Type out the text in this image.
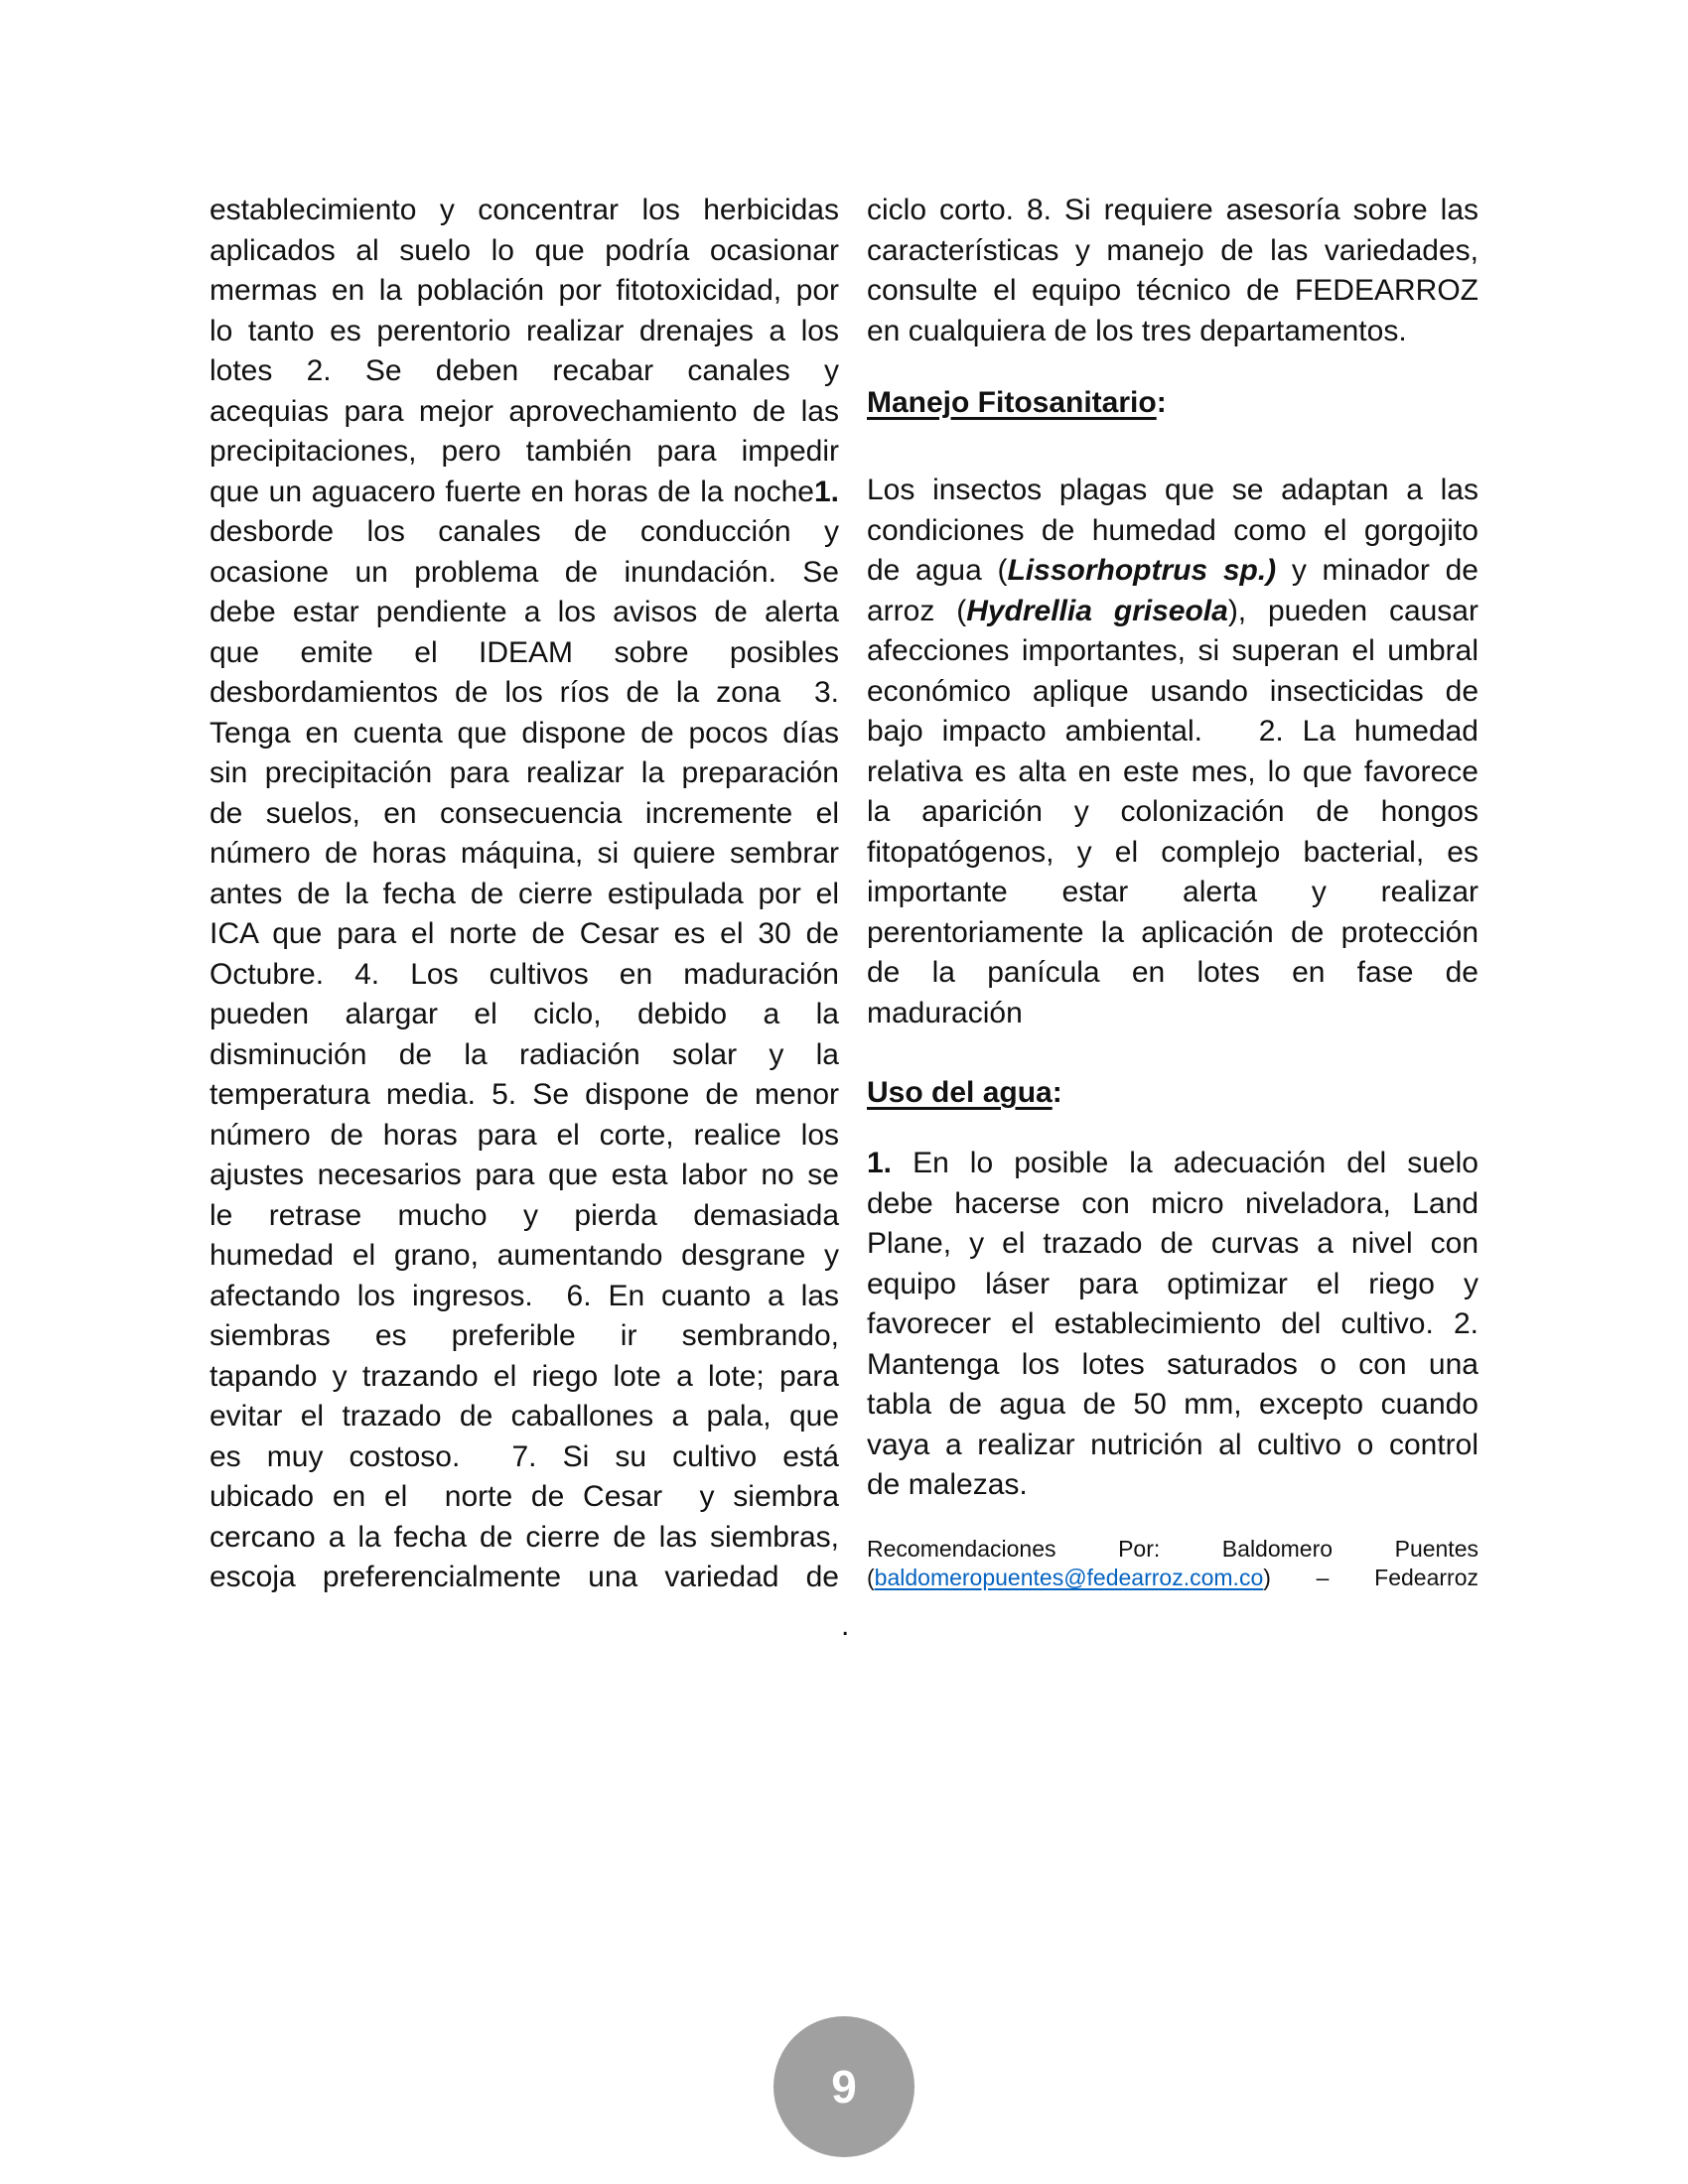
establecimiento y concentrar los herbicidas
aplicados al suelo lo que podría ocasionar
mermas en la población por fitotoxicidad, por
lo tanto es perentorio realizar drenajes a los
lotes 2. Se deben recabar canales y
acequias para mejor aprovechamiento de las
precipitaciones, pero también para impedir
que un aguacero fuerte en horas de la noche1.
desborde los canales de conducción y
ocasione un problema de inundación. Se
debe estar pendiente a los avisos de alerta
que emite el IDEAM sobre posibles
desbordamientos de los ríos de la zona  3.
Tenga en cuenta que dispone de pocos días
sin precipitación para realizar la preparación
de suelos, en consecuencia incremente el
número de horas máquina, si quiere sembrar
antes de la fecha de cierre estipulada por el
ICA que para el norte de Cesar es el 30 de
Octubre. 4. Los cultivos en maduración
pueden alargar el ciclo, debido a la
disminución de la radiación solar y la
temperatura media. 5. Se dispone de menor
número de horas para el corte, realice los
ajustes necesarios para que esta labor no se
le retrase mucho y pierda demasiada
humedad el grano, aumentando desgrane y
afectando los ingresos.  6. En cuanto a las
siembras es preferible ir sembrando,
tapando y trazando el riego lote a lote; para
evitar el trazado de caballones a pala, que
es muy costoso.  7. Si su cultivo está
ubicado en el  norte de Cesar  y siembra
cercano a la fecha de cierre de las siembras,
escoja preferencialmente una variedad de
ciclo corto. 8. Si requiere asesoría sobre las
características y manejo de las variedades,
consulte el equipo técnico de FEDEARROZ
en cualquiera de los tres departamentos.
Manejo Fitosanitario:
Los insectos plagas que se adaptan a las
condiciones de humedad como el gorgojito
de agua (Lissorhoptrus sp.) y minador de
arroz (Hydrellia griseola), pueden causar
afecciones importantes, si superan el umbral
económico aplique usando insecticidas de
bajo impacto ambiental.   2. La humedad
relativa es alta en este mes, lo que favorece
la aparición y colonización de hongos
fitopatógenos, y el complejo bacterial, es
importante estar alerta y realizar
perentoriamente la aplicación de protección
de la panícula en lotes en fase de
maduración
Uso del agua:
1. En lo posible la adecuación del suelo
debe hacerse con micro niveladora, Land
Plane, y el trazado de curvas a nivel con
equipo láser para optimizar el riego y
favorecer el establecimiento del cultivo. 2.
Mantenga los lotes saturados o con una
tabla de agua de 50 mm, excepto cuando
vaya a realizar nutrición al cultivo o control
de malezas.
Recomendaciones Por: Baldomero Puentes
(baldomeropuentes@fedearroz.com.co) – Fedearroz
.
9
